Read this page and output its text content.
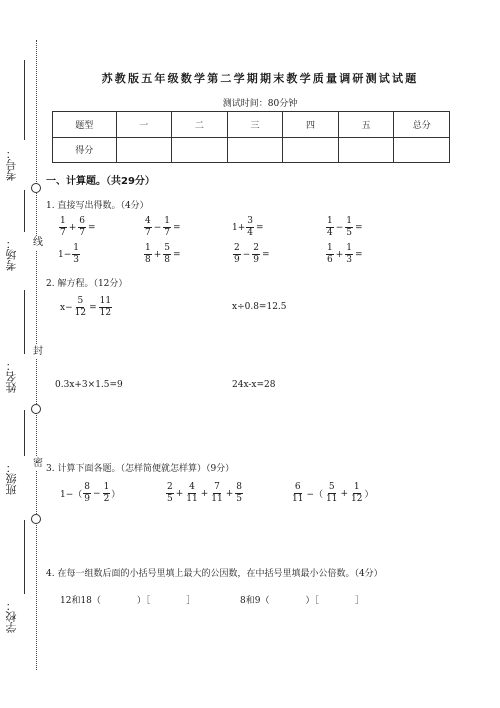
线
封
密
考号：
考场：
姓名：
班级：
学校：
苏教版五年级数学第二学期期末教学质量调研测试试题
测试时间：80分钟
题型	一	二	三	四	五	总分
得分						
一、计算题。（共29分）
1. 直接写出得数。（4分）
$\frac{1}{7} + \frac{6}{7}$ =	$\frac{4}{7} - \frac{1}{7}$ =	$1+ \frac{3}{4}$ =	$\frac{1}{4} - \frac{1}{5}$ =
$1- \frac{1}{3}$	$\frac{1}{8} + \frac{5}{8}$ =	$\frac{2}{9} - \frac{2}{9}$ =	$\frac{1}{6} + \frac{1}{3}$ =
2. 解方程。（12分）
$x- \frac{5}{12} = \frac{11}{12}$	x÷0.8=12.5
0.3x+3×1.5=9	24x-x=28
3. 计算下面各题。（怎样简便就怎样算）（9分）
$1-( \frac{8}{9} - \frac{1}{2}$ ）	$\frac{2}{5} + \frac{4}{11} + \frac{7}{11} + \frac{8}{5}$	$\frac{6}{11}$ −（ $\frac{5}{11} + \frac{1}{12}$ ）
4. 在每一组数后面的小括号里填上最大的公因数，在中括号里填最小公倍数。（4分）
12和18（　　　　）［　　　　］	8和9（　　　　）［　　　　］
